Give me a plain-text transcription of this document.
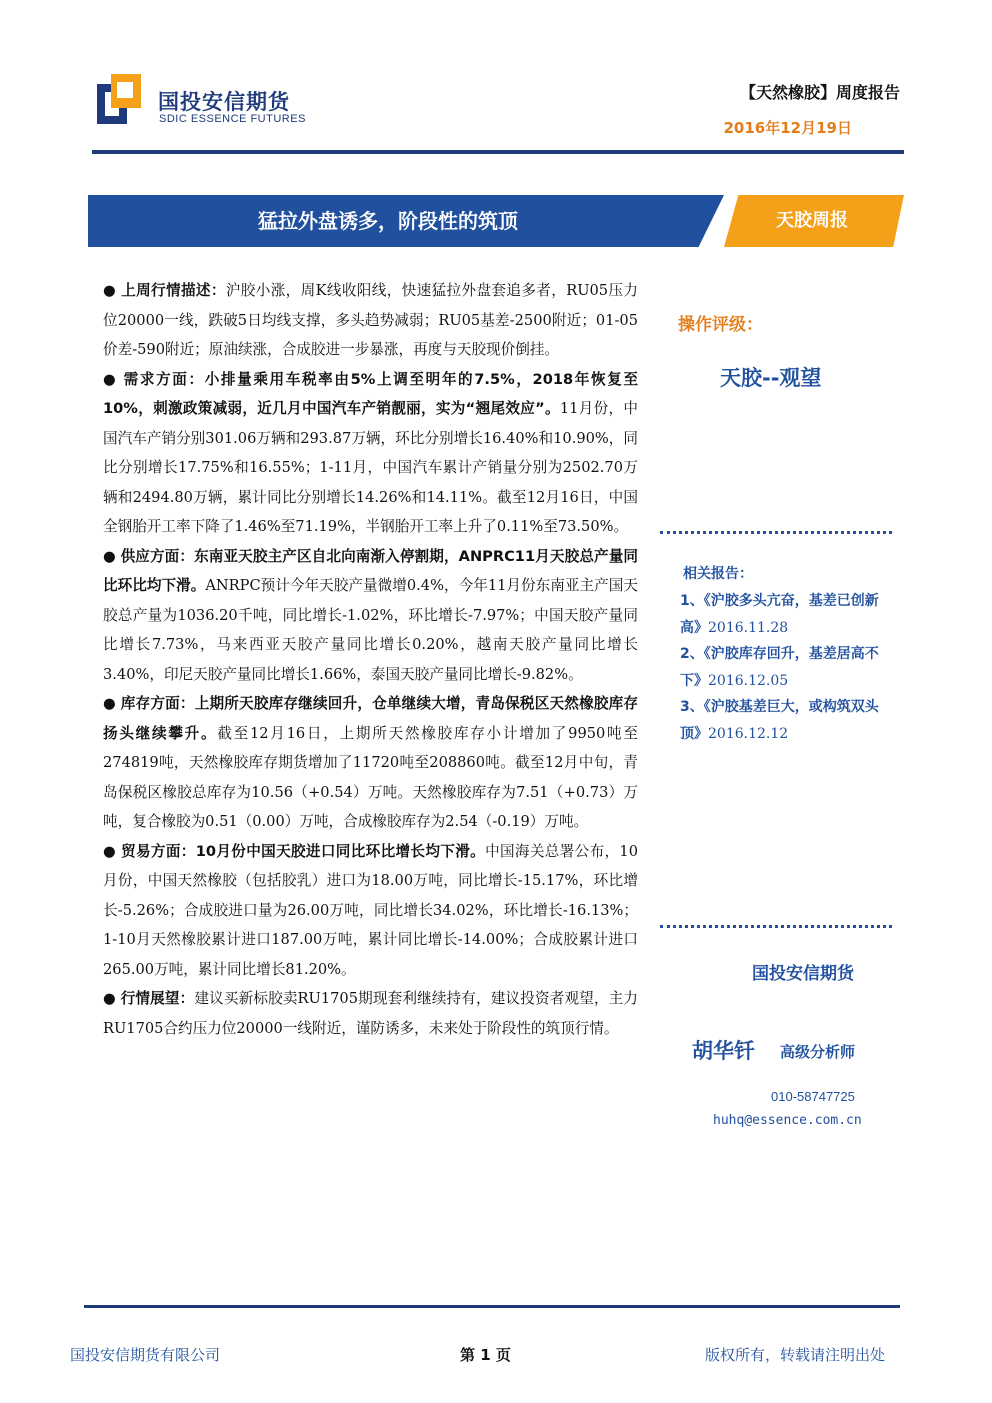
国投安信期货
SDIC ESSENCE FUTURES
【天然橡胶】周度报告
2016年12月19日
猛拉外盘诱多，阶段性的筑顶	天胶周报

● 上周行情描述：沪胶小涨，周K线收阳线，快速猛拉外盘套追多者，RU05压力位20000一线，跌破5日均线支撑，多头趋势减弱；RU05基差-2500附近；01-05价差-590附近；原油续涨，合成胶进一步暴涨，再度与天胶现价倒挂。

● 需求方面：小排量乘用车税率由5%上调至明年的7.5%，2018年恢复至10%，刺激政策减弱，近几月中国汽车产销靓丽，实为“翘尾效应”。11月份，中国汽车产销分别301.06万辆和293.87万辆，环比分别增长16.40%和10.90%，同比分别增长17.75%和16.55%；1-11月，中国汽车累计产销量分别为2502.70万辆和2494.80万辆，累计同比分别增长14.26%和14.11%。截至12月16日，中国全钢胎开工率下降了1.46%至71.19%，半钢胎开工率上升了0.11%至73.50%。

● 供应方面：东南亚天胶主产区自北向南渐入停割期，ANPRC11月天胶总产量同比环比均下滑。ANRPC预计今年天胶产量微增0.4%，今年11月份东南亚主产国天胶总产量为1036.20千吨，同比增长-1.02%，环比增长-7.97%；中国天胶产量同比增长7.73%，马来西亚天胶产量同比增长0.20%，越南天胶产量同比增长3.40%，印尼天胶产量同比增长1.66%，泰国天胶产量同比增长-9.82%。

● 库存方面：上期所天胶库存继续回升，仓单继续大增，青岛保税区天然橡胶库存扬头继续攀升。截至12月16日，上期所天然橡胶库存小计增加了9950吨至274819吨，天然橡胶库存期货增加了11720吨至208860吨。截至12月中旬，青岛保税区橡胶总库存为10.56（+0.54）万吨。天然橡胶库存为7.51（+0.73）万吨，复合橡胶为0.51（0.00）万吨，合成橡胶库存为2.54（-0.19）万吨。

● 贸易方面：10月份中国天胶进口同比环比增长均下滑。中国海关总署公布，10月份，中国天然橡胶（包括胶乳）进口为18.00万吨，同比增长-15.17%，环比增长-5.26%；合成胶进口量为26.00万吨，同比增长34.02%，环比增长-16.13%；1-10月天然橡胶累计进口187.00万吨，累计同比增长-14.00%；合成胶累计进口265.00万吨，累计同比增长81.20%。

● 行情展望：建议买新标胶卖RU1705期现套利继续持有，建议投资者观望，主力RU1705合约压力位20000一线附近，谨防诱多，未来处于阶段性的筑顶行情。

操作评级：
天胶--观望
相关报告：
1、《沪胶多头亢奋，基差已创新高》2016.11.28
2、《沪胶库存回升，基差居高不下》2016.12.05
3、《沪胶基差巨大，或构筑双头顶》2016.12.12
国投安信期货
胡华钎 高级分析师
010-58747725
huhq@essence.com.cn
国投安信期货有限公司	第 1 页	版权所有，转载请注明出处
